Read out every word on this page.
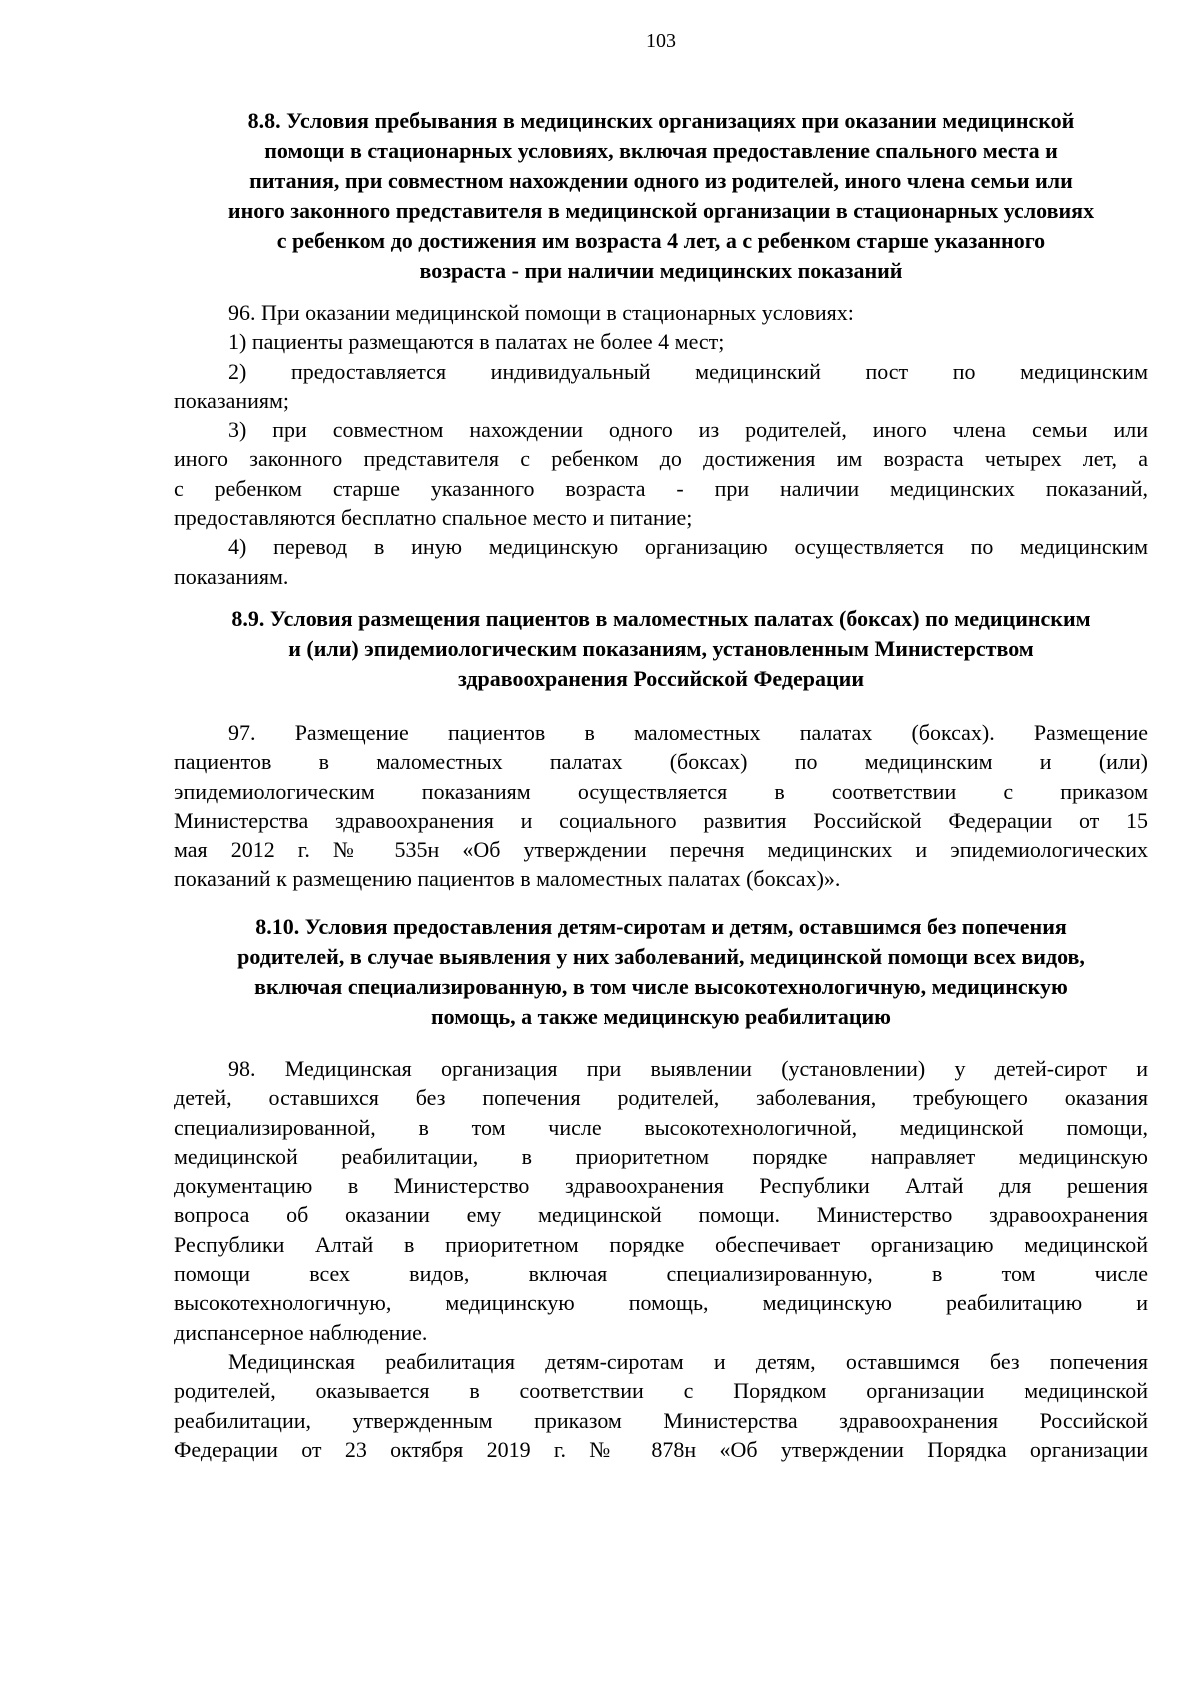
103
8.8. Условия пребывания в медицинских организациях при оказании медицинской
помощи в стационарных условиях, включая предоставление спального места и
питания, при совместном нахождении одного из родителей, иного члена семьи или
иного законного представителя в медицинской организации в стационарных условиях
с ребенком до достижения им возраста 4 лет, а с ребенком старше указанного
возраста - при наличии медицинских показаний
96. При оказании медицинской помощи в стационарных условиях:
1) пациенты размещаются в палатах не более 4 мест;
2) предоставляется индивидуальный медицинский пост по медицинским
показаниям;
3) при совместном нахождении одного из родителей, иного члена семьи или
иного законного представителя с ребенком до достижения им возраста четырех лет, а
с ребенком старше указанного возраста - при наличии медицинских показаний,
предоставляются бесплатно спальное место и питание;
4) перевод в иную медицинскую организацию осуществляется по медицинским
показаниям.
8.9. Условия размещения пациентов в маломестных палатах (боксах) по медицинским
и (или) эпидемиологическим показаниям, установленным Министерством
здравоохранения Российской Федерации
97. Размещение пациентов в маломестных палатах (боксах). Размещение
пациентов в маломестных палатах (боксах) по медицинским и (или)
эпидемиологическим показаниям осуществляется в соответствии с приказом
Министерства здравоохранения и социального развития Российской Федерации от 15
мая 2012 г. № 535н «Об утверждении перечня медицинских и эпидемиологических
показаний к размещению пациентов в маломестных палатах (боксах)».
8.10. Условия предоставления детям-сиротам и детям, оставшимся без попечения
родителей, в случае выявления у них заболеваний, медицинской помощи всех видов,
включая специализированную, в том числе высокотехнологичную, медицинскую
помощь, а также медицинскую реабилитацию
98. Медицинская организация при выявлении (установлении) у детей-сирот и
детей, оставшихся без попечения родителей, заболевания, требующего оказания
специализированной, в том числе высокотехнологичной, медицинской помощи,
медицинской реабилитации, в приоритетном порядке направляет медицинскую
документацию в Министерство здравоохранения Республики Алтай для решения
вопроса об оказании ему медицинской помощи. Министерство здравоохранения
Республики Алтай в приоритетном порядке обеспечивает организацию медицинской
помощи всех видов, включая специализированную, в том числе
высокотехнологичную, медицинскую помощь, медицинскую реабилитацию и
диспансерное наблюдение.
Медицинская реабилитация детям-сиротам и детям, оставшимся без попечения
родителей, оказывается в соответствии с Порядком организации медицинской
реабилитации, утвержденным приказом Министерства здравоохранения Российской
Федерации от 23 октября 2019 г. № 878н «Об утверждении Порядка организации
